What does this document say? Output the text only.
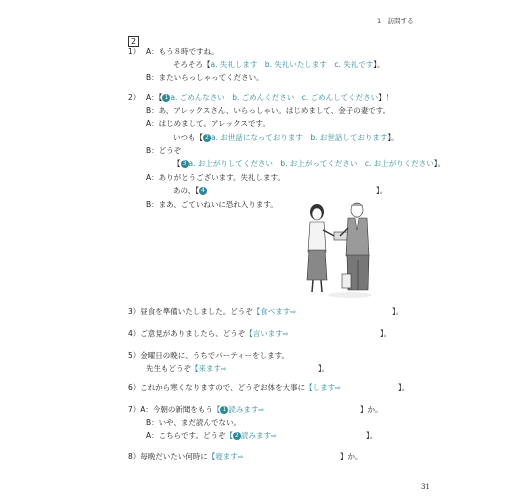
1　訪問する
2
1） A：もう８時ですね。
そろそろ【a. 失礼します　b. 失礼いたします　c. 失礼です】。
B：またいらっしゃってください。
2） A：【 1 a. ごめんなさい　b. ごめんください　c. ごめんしてください】！
B：あ、アレックスさん、いらっしゃい。はじめまして、金子の妻です。
A：はじめまして。アレックスです。
いつも【 2 a. お世話になっております　b. お世話しております】。
B：どうぞ
【 3 a. お上がりしてください　b. お上がってください　c. お上がりください】。
A：ありがとうございます。失礼します。
あの、【 4	】。
B：まあ、ごていねいに恐れ入ります。
3）昼食を準備いたしました。どうぞ【食べます⇨	】。
4）ご意見がありましたら、どうぞ【言います⇨	】。
5）金曜日の晩に、うちでパーティーをします。
先生もどうぞ【来ます⇨	】。
6）これから寒くなりますので、どうぞお体を大事に【します⇨	】。
7）A：今朝の新聞をもう【 1 読みます⇨	】か。
B：いや、まだ読んでない。
A：こちらです。どうぞ【 2 読みます⇨	】。
8）毎晩だいたい何時に【寝ます⇨	】か。
31
